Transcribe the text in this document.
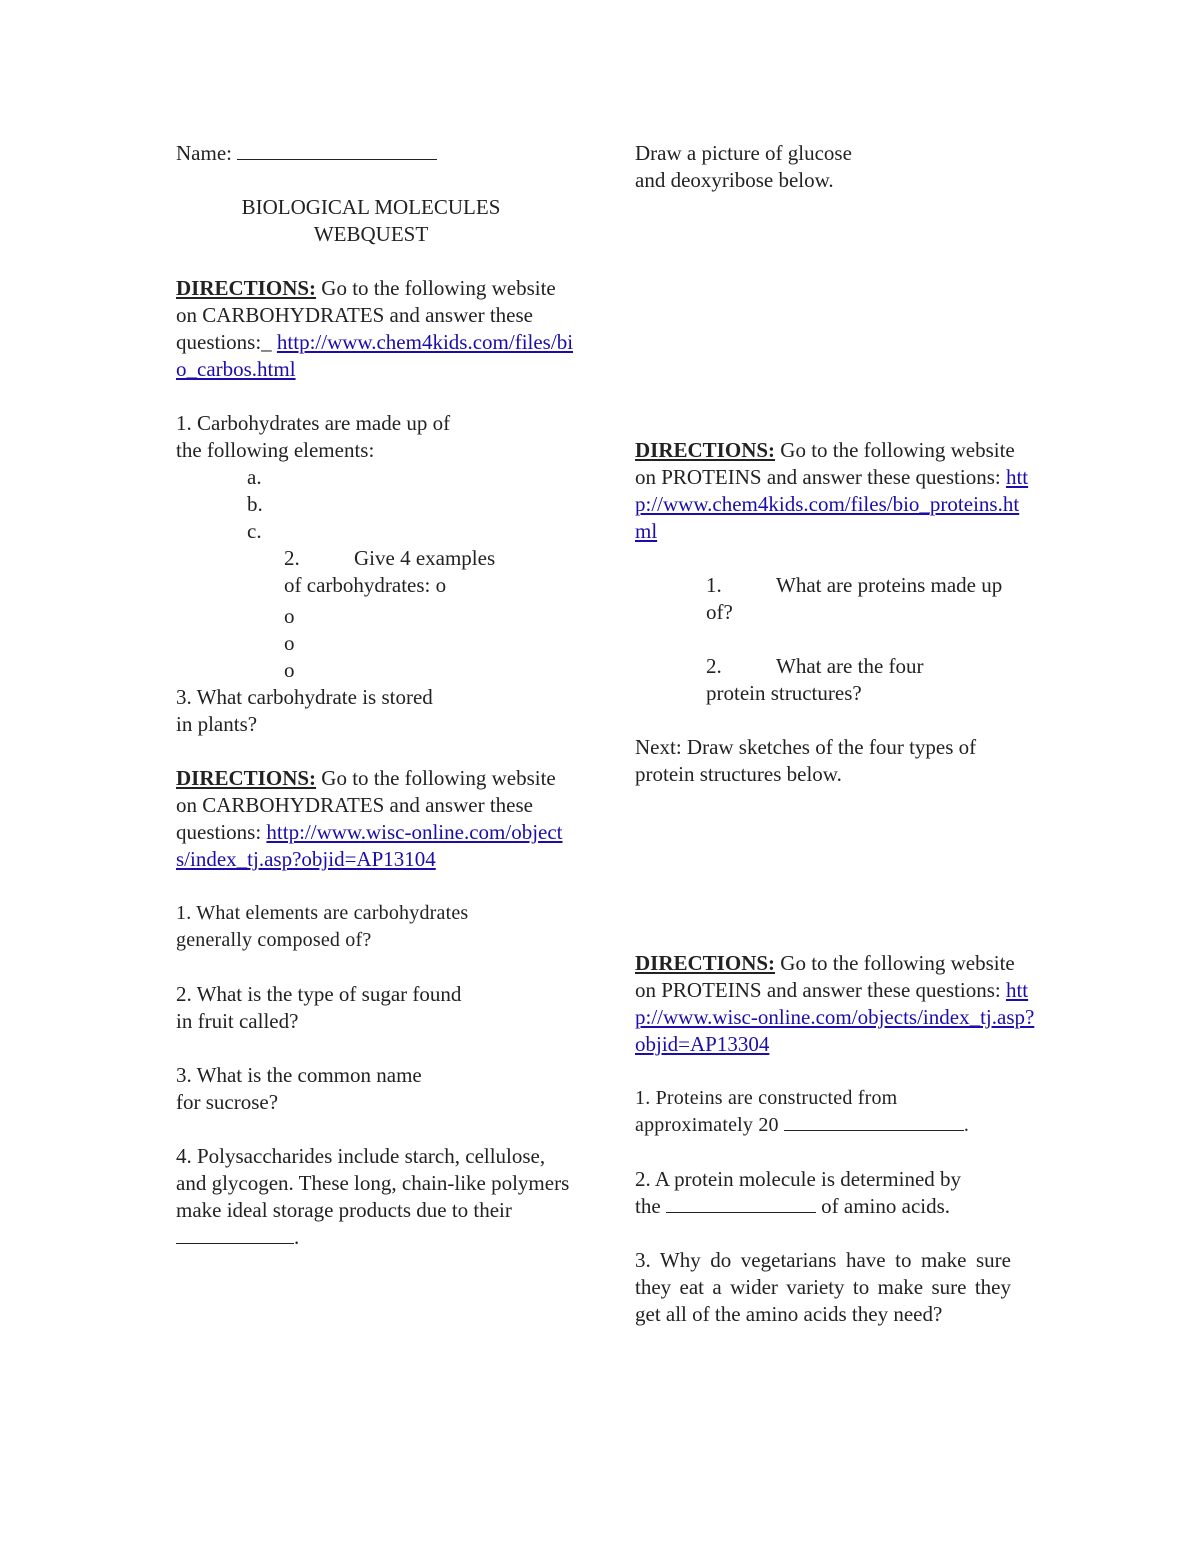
Name:

BIOLOGICAL MOLECULES
WEBQUEST

DIRECTIONS: Go to the following website on CARBOHYDRATES and answer these questions:_ http://www.chem4kids.com/files/bio_carbos.html

1. Carbohydrates are made up of
the following elements:

a.

b.

c.

2.	Give 4 examples
of carbohydrates: o

o

o

o

3. What carbohydrate is stored
in plants?

DIRECTIONS: Go to the following website on CARBOHYDRATES and answer these questions: http://www.wisc-online.com/objects/index_tj.asp?objid=AP13104

1. What elements are carbohydrates
generally composed of?

2. What is the type of sugar found
in fruit called?

3. What is the common name
for sucrose?

4. Polysaccharides include starch, cellulose, and glycogen. These long, chain-like polymers make ideal storage products due to their .

Draw a picture of glucose
and deoxyribose below.

DIRECTIONS: Go to the following website on PROTEINS and answer these questions: http://www.chem4kids.com/files/bio_proteins.html

1.	What are proteins made up
of?

2.	What are the four
protein structures?

Next: Draw sketches of the four types of protein structures below.

DIRECTIONS: Go to the following website on PROTEINS and answer these questions: http://www.wisc-online.com/objects/index_tj.asp?objid=AP13304

1. Proteins are constructed from
approximately 20	.

2. A protein molecule is determined by
the	of amino acids.

3. Why do vegetarians have to make sure they eat a wider variety to make sure they get all of the amino acids they need?
